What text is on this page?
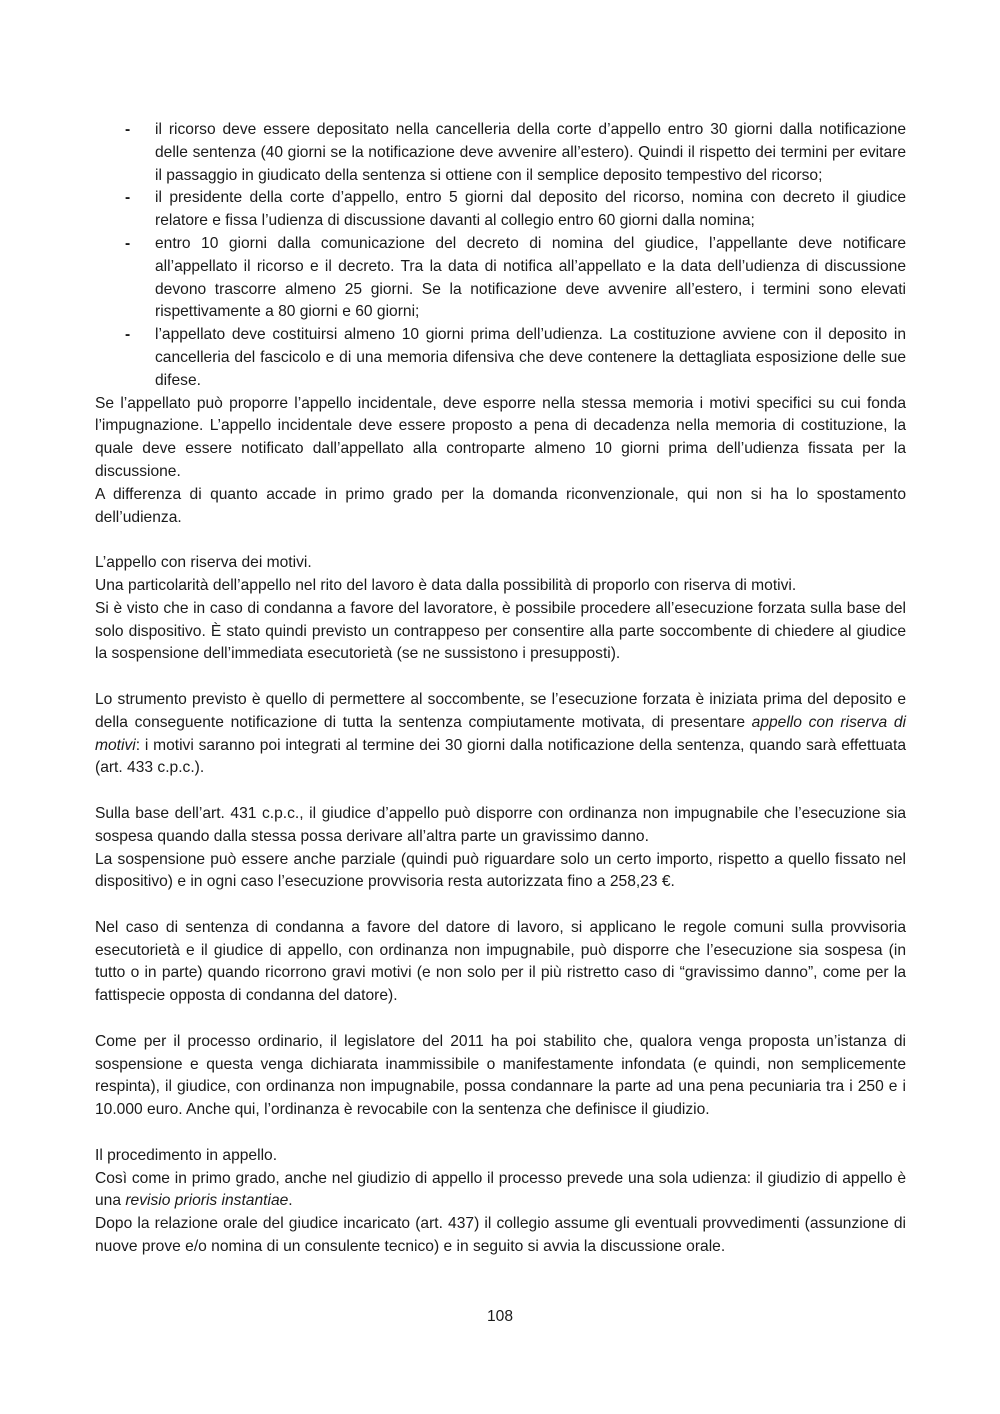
- il ricorso deve essere depositato nella cancelleria della corte d’appello entro 30 giorni dalla notificazione delle sentenza (40 giorni se la notificazione deve avvenire all’estero). Quindi il rispetto dei termini per evitare il passaggio in giudicato della sentenza si ottiene con il semplice deposito tempestivo del ricorso;
- il presidente della corte d’appello, entro 5 giorni dal deposito del ricorso, nomina con decreto il giudice relatore e fissa l’udienza di discussione davanti al collegio entro 60 giorni dalla nomina;
- entro 10 giorni dalla comunicazione del decreto di nomina del giudice, l’appellante deve notificare all’appellato il ricorso e il decreto. Tra la data di notifica all’appellato e la data dell’udienza di discussione devono trascorre almeno 25 giorni. Se la notificazione deve avvenire all’estero, i termini sono elevati rispettivamente a 80 giorni e 60 giorni;
- l’appellato deve costituirsi almeno 10 giorni prima dell’udienza. La costituzione avviene con il deposito in cancelleria del fascicolo e di una memoria difensiva che deve contenere la dettagliata esposizione delle sue difese.

Se l’appellato può proporre l’appello incidentale, deve esporre nella stessa memoria i motivi specifici su cui fonda l’impugnazione. L’appello incidentale deve essere proposto a pena di decadenza nella memoria di costituzione, la quale deve essere notificato dall’appellato alla controparte almeno 10 giorni prima dell’udienza fissata per la discussione.

A differenza di quanto accade in primo grado per la domanda riconvenzionale, qui non si ha lo spostamento dell’udienza.

L’appello con riserva dei motivi.

Una particolarità dell’appello nel rito del lavoro è data dalla possibilità di proporlo con riserva di motivi.

Si è visto che in caso di condanna a favore del lavoratore, è possibile procedere all’esecuzione forzata sulla base del solo dispositivo. È stato quindi previsto un contrappeso per consentire alla parte soccombente di chiedere al giudice la sospensione dell’immediata esecutorietà (se ne sussistono i presupposti).

Lo strumento previsto è quello di permettere al soccombente, se l’esecuzione forzata è iniziata prima del deposito e della conseguente notificazione di tutta la sentenza compiutamente motivata, di presentare appello con riserva di motivi: i motivi saranno poi integrati al termine dei 30 giorni dalla notificazione della sentenza, quando sarà effettuata (art. 433 c.p.c.).

Sulla base dell’art. 431 c.p.c., il giudice d’appello può disporre con ordinanza non impugnabile che l’esecuzione sia sospesa quando dalla stessa possa derivare all’altra parte un gravissimo danno.

La sospensione può essere anche parziale (quindi può riguardare solo un certo importo, rispetto a quello fissato nel dispositivo) e in ogni caso l’esecuzione provvisoria resta autorizzata fino a 258,23 €.

Nel caso di sentenza di condanna a favore del datore di lavoro, si applicano le regole comuni sulla provvisoria esecutorietà e il giudice di appello, con ordinanza non impugnabile, può disporre che l’esecuzione sia sospesa (in tutto o in parte) quando ricorrono gravi motivi (e non solo per il più ristretto caso di “gravissimo danno”, come per la fattispecie opposta di condanna del datore).

Come per il processo ordinario, il legislatore del 2011 ha poi stabilito che, qualora venga proposta un’istanza di sospensione e questa venga dichiarata inammissibile o manifestamente infondata (e quindi, non semplicemente respinta), il giudice, con ordinanza non impugnabile, possa condannare la parte ad una pena pecuniaria tra i 250 e i 10.000 euro. Anche qui, l’ordinanza è revocabile con la sentenza che definisce il giudizio.

Il procedimento in appello.

Così come in primo grado, anche nel giudizio di appello il processo prevede una sola udienza: il giudizio di appello è una revisio prioris instantiae.

Dopo la relazione orale del giudice incaricato (art. 437) il collegio assume gli eventuali provvedimenti (assunzione di nuove prove e/o nomina di un consulente tecnico) e in seguito si avvia la discussione orale.

108
